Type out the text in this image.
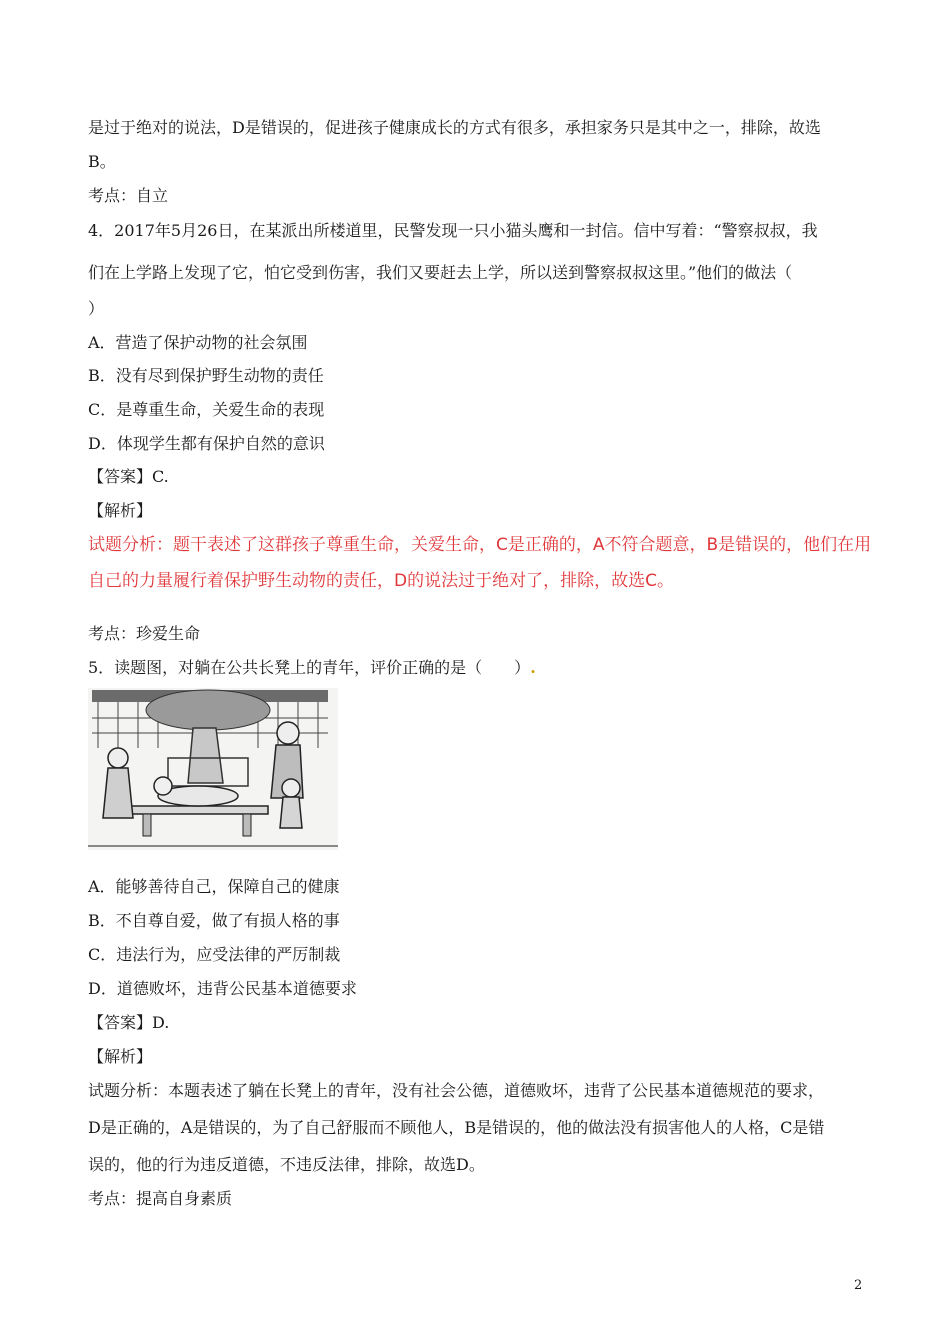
是过于绝对的说法，D是错误的，促进孩子健康成长的方式有很多，承担家务只是其中之一，排除，故选
B。
考点：自立
4．2017年5月26日，在某派出所楼道里，民警发现一只小猫头鹰和一封信。信中写着：“警察叔叔，我
们在上学路上发现了它，怕它受到伤害，我们又要赶去上学，所以送到警察叔叔这里。”他们的做法（
）
A．营造了保护动物的社会氛围
B．没有尽到保护野生动物的责任
C．是尊重生命，关爱生命的表现
D．体现学生都有保护自然的意识
【答案】C.
【解析】
试题分析：题干表述了这群孩子尊重生命，关爱生命，C是正确的，A不符合题意，B是错误的，他们在用
自己的力量履行着保护野生动物的责任，D的说法过于绝对了，排除，故选C。
考点：珍爱生命
5．读题图，对躺在公共长凳上的青年，评价正确的是（　　）.
A．能够善待自己，保障自己的健康
B．不自尊自爱，做了有损人格的事
C．违法行为，应受法律的严厉制裁
D．道德败坏，违背公民基本道德要求
【答案】D.
【解析】
试题分析：本题表述了躺在长凳上的青年，没有社会公德，道德败坏，违背了公民基本道德规范的要求，
D是正确的，A是错误的，为了自己舒服而不顾他人，B是错误的，他的做法没有损害他人的人格，C是错
误的，他的行为违反道德，不违反法律，排除，故选D。
考点：提高自身素质
2
